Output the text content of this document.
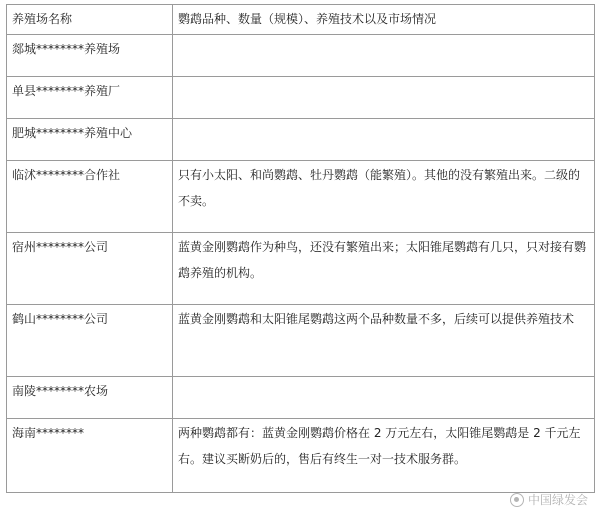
养殖场名称	鹦鹉品种、数量（规模）、养殖技术以及市场情况
郯城********养殖场	
单县********养殖厂	
肥城********养殖中心	
临沭********合作社	只有小太阳、和尚鹦鹉、牡丹鹦鹉（能繁殖）。其他的没有繁殖出来。二级的不卖。
宿州********公司	蓝黄金刚鹦鹉作为种鸟，还没有繁殖出来；太阳锥尾鹦鹉有几只，只对接有鹦鹉养殖的机构。
鹤山********公司	蓝黄金刚鹦鹉和太阳锥尾鹦鹉这两个品种数量不多，后续可以提供养殖技术
南陵********农场	
海南********	两种鹦鹉都有：蓝黄金刚鹦鹉价格在 2 万元左右，太阳锥尾鹦鹉是 2 千元左右。建议买断奶后的，售后有终生一对一技术服务群。
中国绿发会
